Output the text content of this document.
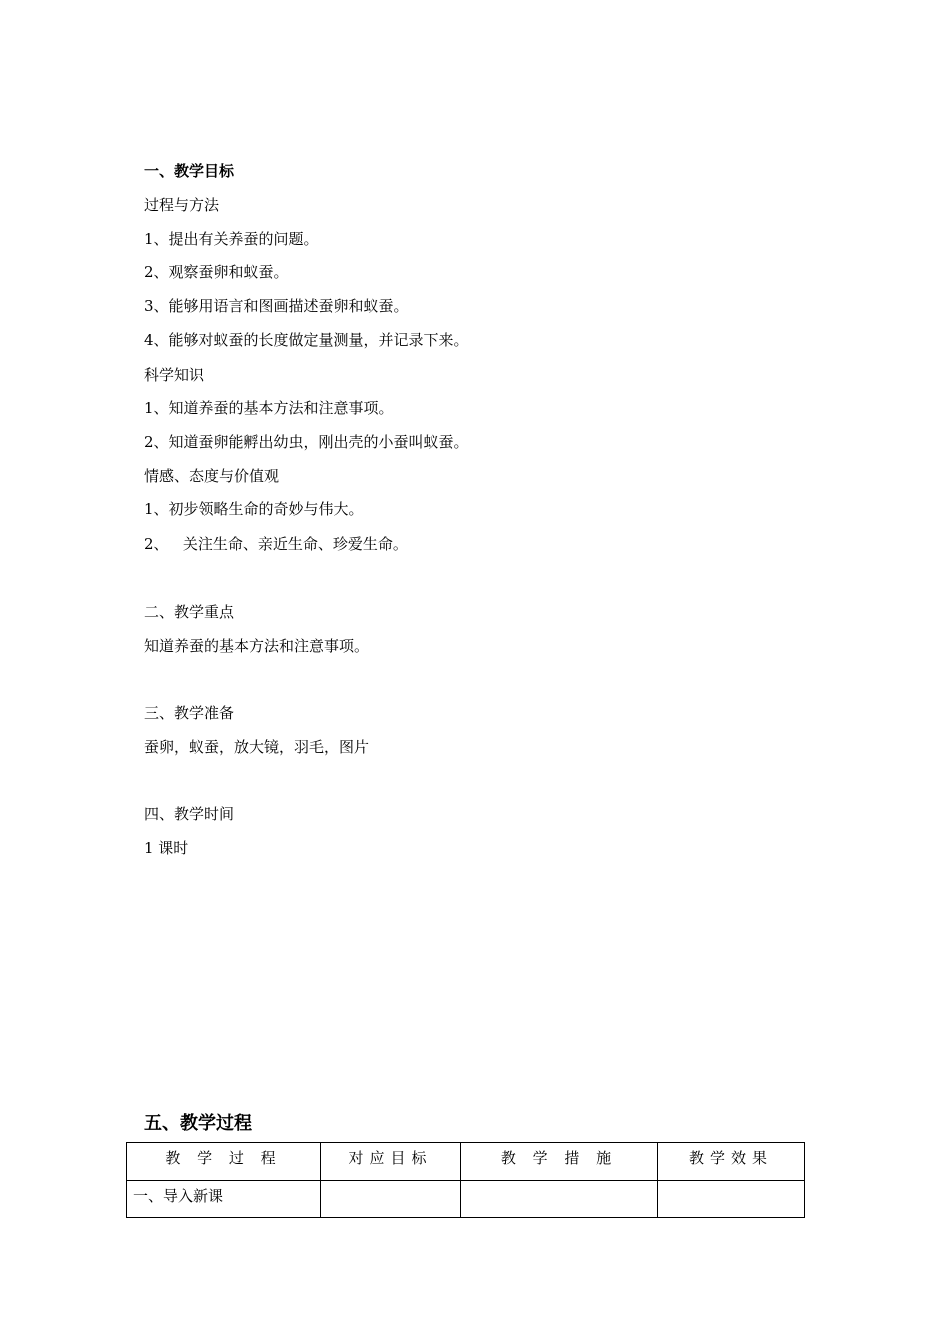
一、教学目标
过程与方法
1、提出有关养蚕的问题。
2、观察蚕卵和蚁蚕。
3、能够用语言和图画描述蚕卵和蚁蚕。
4、能够对蚁蚕的长度做定量测量，并记录下来。
科学知识
1、知道养蚕的基本方法和注意事项。
2、知道蚕卵能孵出幼虫，刚出壳的小蚕叫蚁蚕。
情感、态度与价值观
1、初步领略生命的奇妙与伟大。
2、   关注生命、亲近生命、珍爱生命。
二、教学重点
知道养蚕的基本方法和注意事项。
三、教学准备
蚕卵，蚁蚕，放大镜，羽毛，图片
四、教学时间
1 课时
五、教学过程
教 学 过 程	对应目标	教 学 措 施	教学效果
一、导入新课			
